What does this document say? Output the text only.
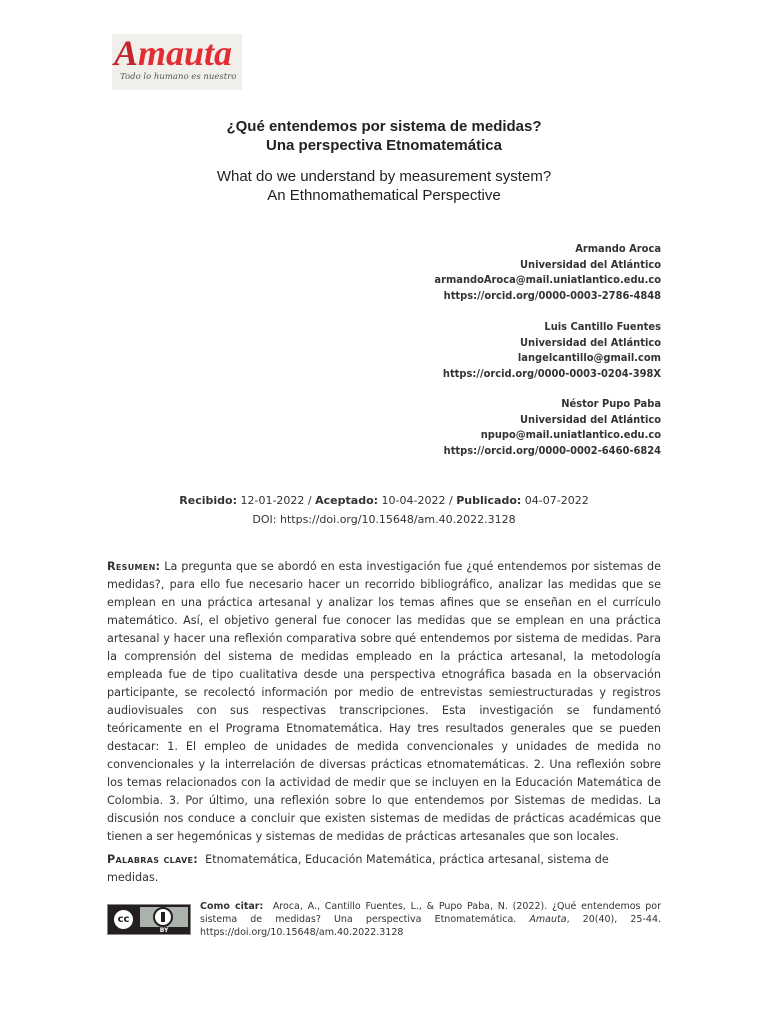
Amauta
Todo lo humano es nuestro
¿Qué entendemos por sistema de medidas?
Una perspectiva Etnomatemática
What do we understand by measurement system?
An Ethnomathematical Perspective
Armando Aroca
Universidad del Atlántico
armandoAroca@mail.uniatlantico.edu.co
https://orcid.org/0000-0003-2786-4848
Luis Cantillo Fuentes
Universidad del Atlántico
langelcantillo@gmail.com
https://orcid.org/0000-0003-0204-398X
Néstor Pupo Paba
Universidad del Atlántico
npupo@mail.uniatlantico.edu.co
https://orcid.org/0000-0002-6460-6824
Recibido: 12-01-2022 / Aceptado: 10-04-2022 / Publicado: 04-07-2022
DOI: https://doi.org/10.15648/am.40.2022.3128
Resumen: La pregunta que se abordó en esta investigación fue ¿qué entendemos por sistemas de medidas?, para ello fue necesario hacer un recorrido bibliográfico, analizar las medidas que se emplean en una práctica artesanal y analizar los temas afines que se enseñan en el currículo matemático. Así, el objetivo general fue conocer las medidas que se emplean en una práctica artesanal y hacer una reflexión comparativa sobre qué entendemos por sistema de medidas. Para la comprensión del sistema de medidas empleado en la práctica artesanal, la metodología empleada fue de tipo cualitativa desde una perspectiva etnográfica basada en la observación participante, se recolectó información por medio de entrevistas semiestructuradas y registros audiovisuales con sus respectivas transcripciones. Esta investigación se fundamentó teóricamente en el Programa Etnomatemática. Hay tres resultados generales que se pueden destacar: 1. El empleo de unidades de medida convencionales y unidades de medida no convencionales y la interrelación de diversas prácticas etnomatemáticas. 2. Una reflexión sobre los temas relacionados con la actividad de medir que se incluyen en la Educación Matemática de Colombia. 3. Por último, una reflexión sobre lo que entendemos por Sistemas de medidas. La discusión nos conduce a concluir que existen sistemas de medidas de prácticas académicas que tienen a ser hegemónicas y sistemas de medidas de prácticas artesanales que son locales.
Palabras clave: Etnomatemática, Educación Matemática, práctica artesanal, sistema de medidas.
cc
BY
Como citar: Aroca, A., Cantillo Fuentes, L., & Pupo Paba, N. (2022). ¿Qué entendemos por sistema de medidas? Una perspectiva Etnomatemática. Amauta, 20(40), 25-44. https://doi.org/10.15648/am.40.2022.3128
